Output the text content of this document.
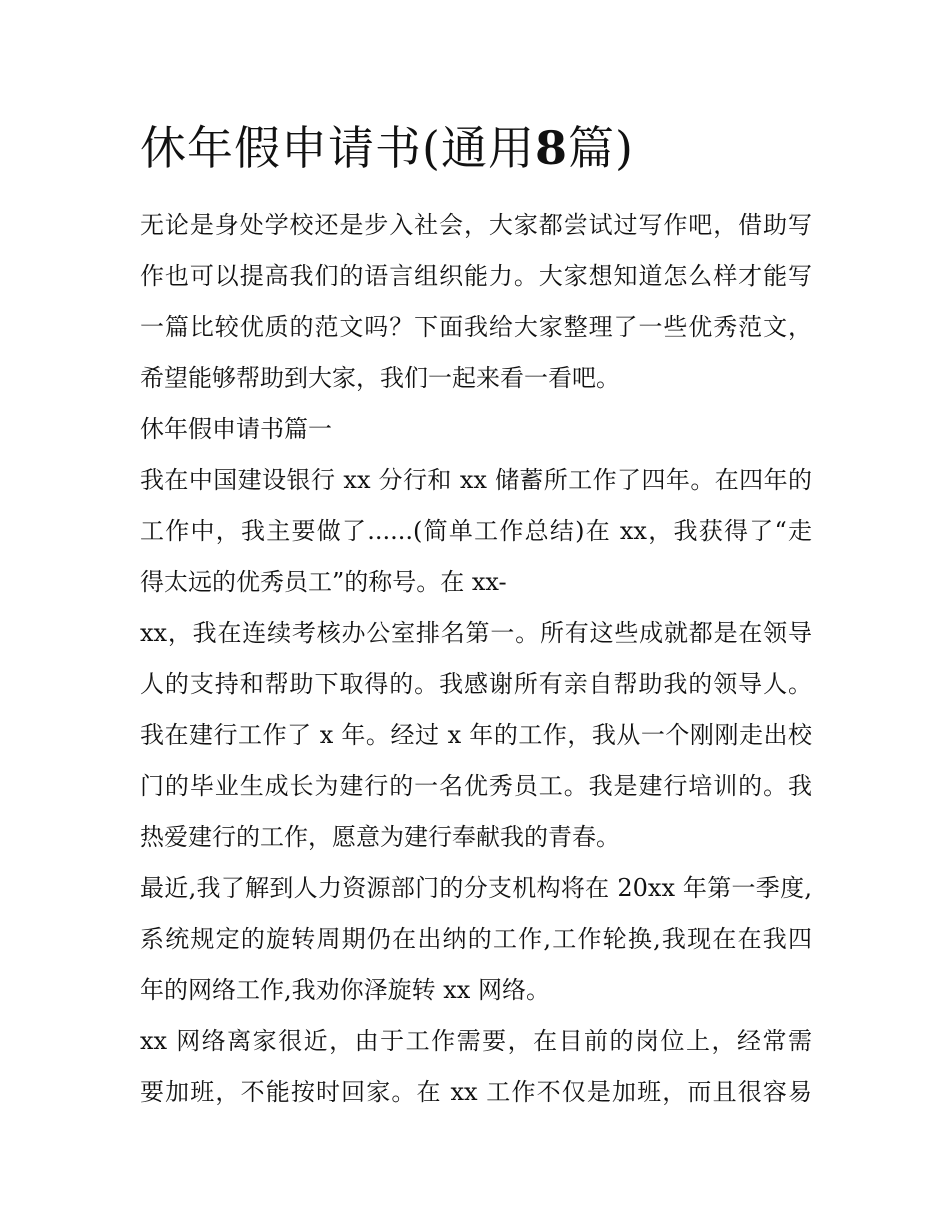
休年假申请书(通用8篇)
无论是身处学校还是步入社会，大家都尝试过写作吧，借助写
作也可以提高我们的语言组织能力。大家想知道怎么样才能写
一篇比较优质的范文吗？下面我给大家整理了一些优秀范文，
希望能够帮助到大家，我们一起来看一看吧。
休年假申请书篇一
我在中国建设银行 xx 分行和 xx 储蓄所工作了四年。在四年的
工作中，我主要做了......(简单工作总结)在 xx，我获得了“走
得太远的优秀员工”的称号。在 xx-
xx，我在连续考核办公室排名第一。所有这些成就都是在领导
人的支持和帮助下取得的。我感谢所有亲自帮助我的领导人。
我在建行工作了 x 年。经过 x 年的工作，我从一个刚刚走出校
门的毕业生成长为建行的一名优秀员工。我是建行培训的。我
热爱建行的工作，愿意为建行奉献我的青春。
最近,我了解到人力资源部门的分支机构将在 20xx 年第一季度,
系统规定的旋转周期仍在出纳的工作,工作轮换,我现在在我四
年的网络工作,我劝你泽旋转 xx 网络。
xx 网络离家很近，由于工作需要，在目前的岗位上，经常需
要加班，不能按时回家。在 xx 工作不仅是加班，而且很容易
